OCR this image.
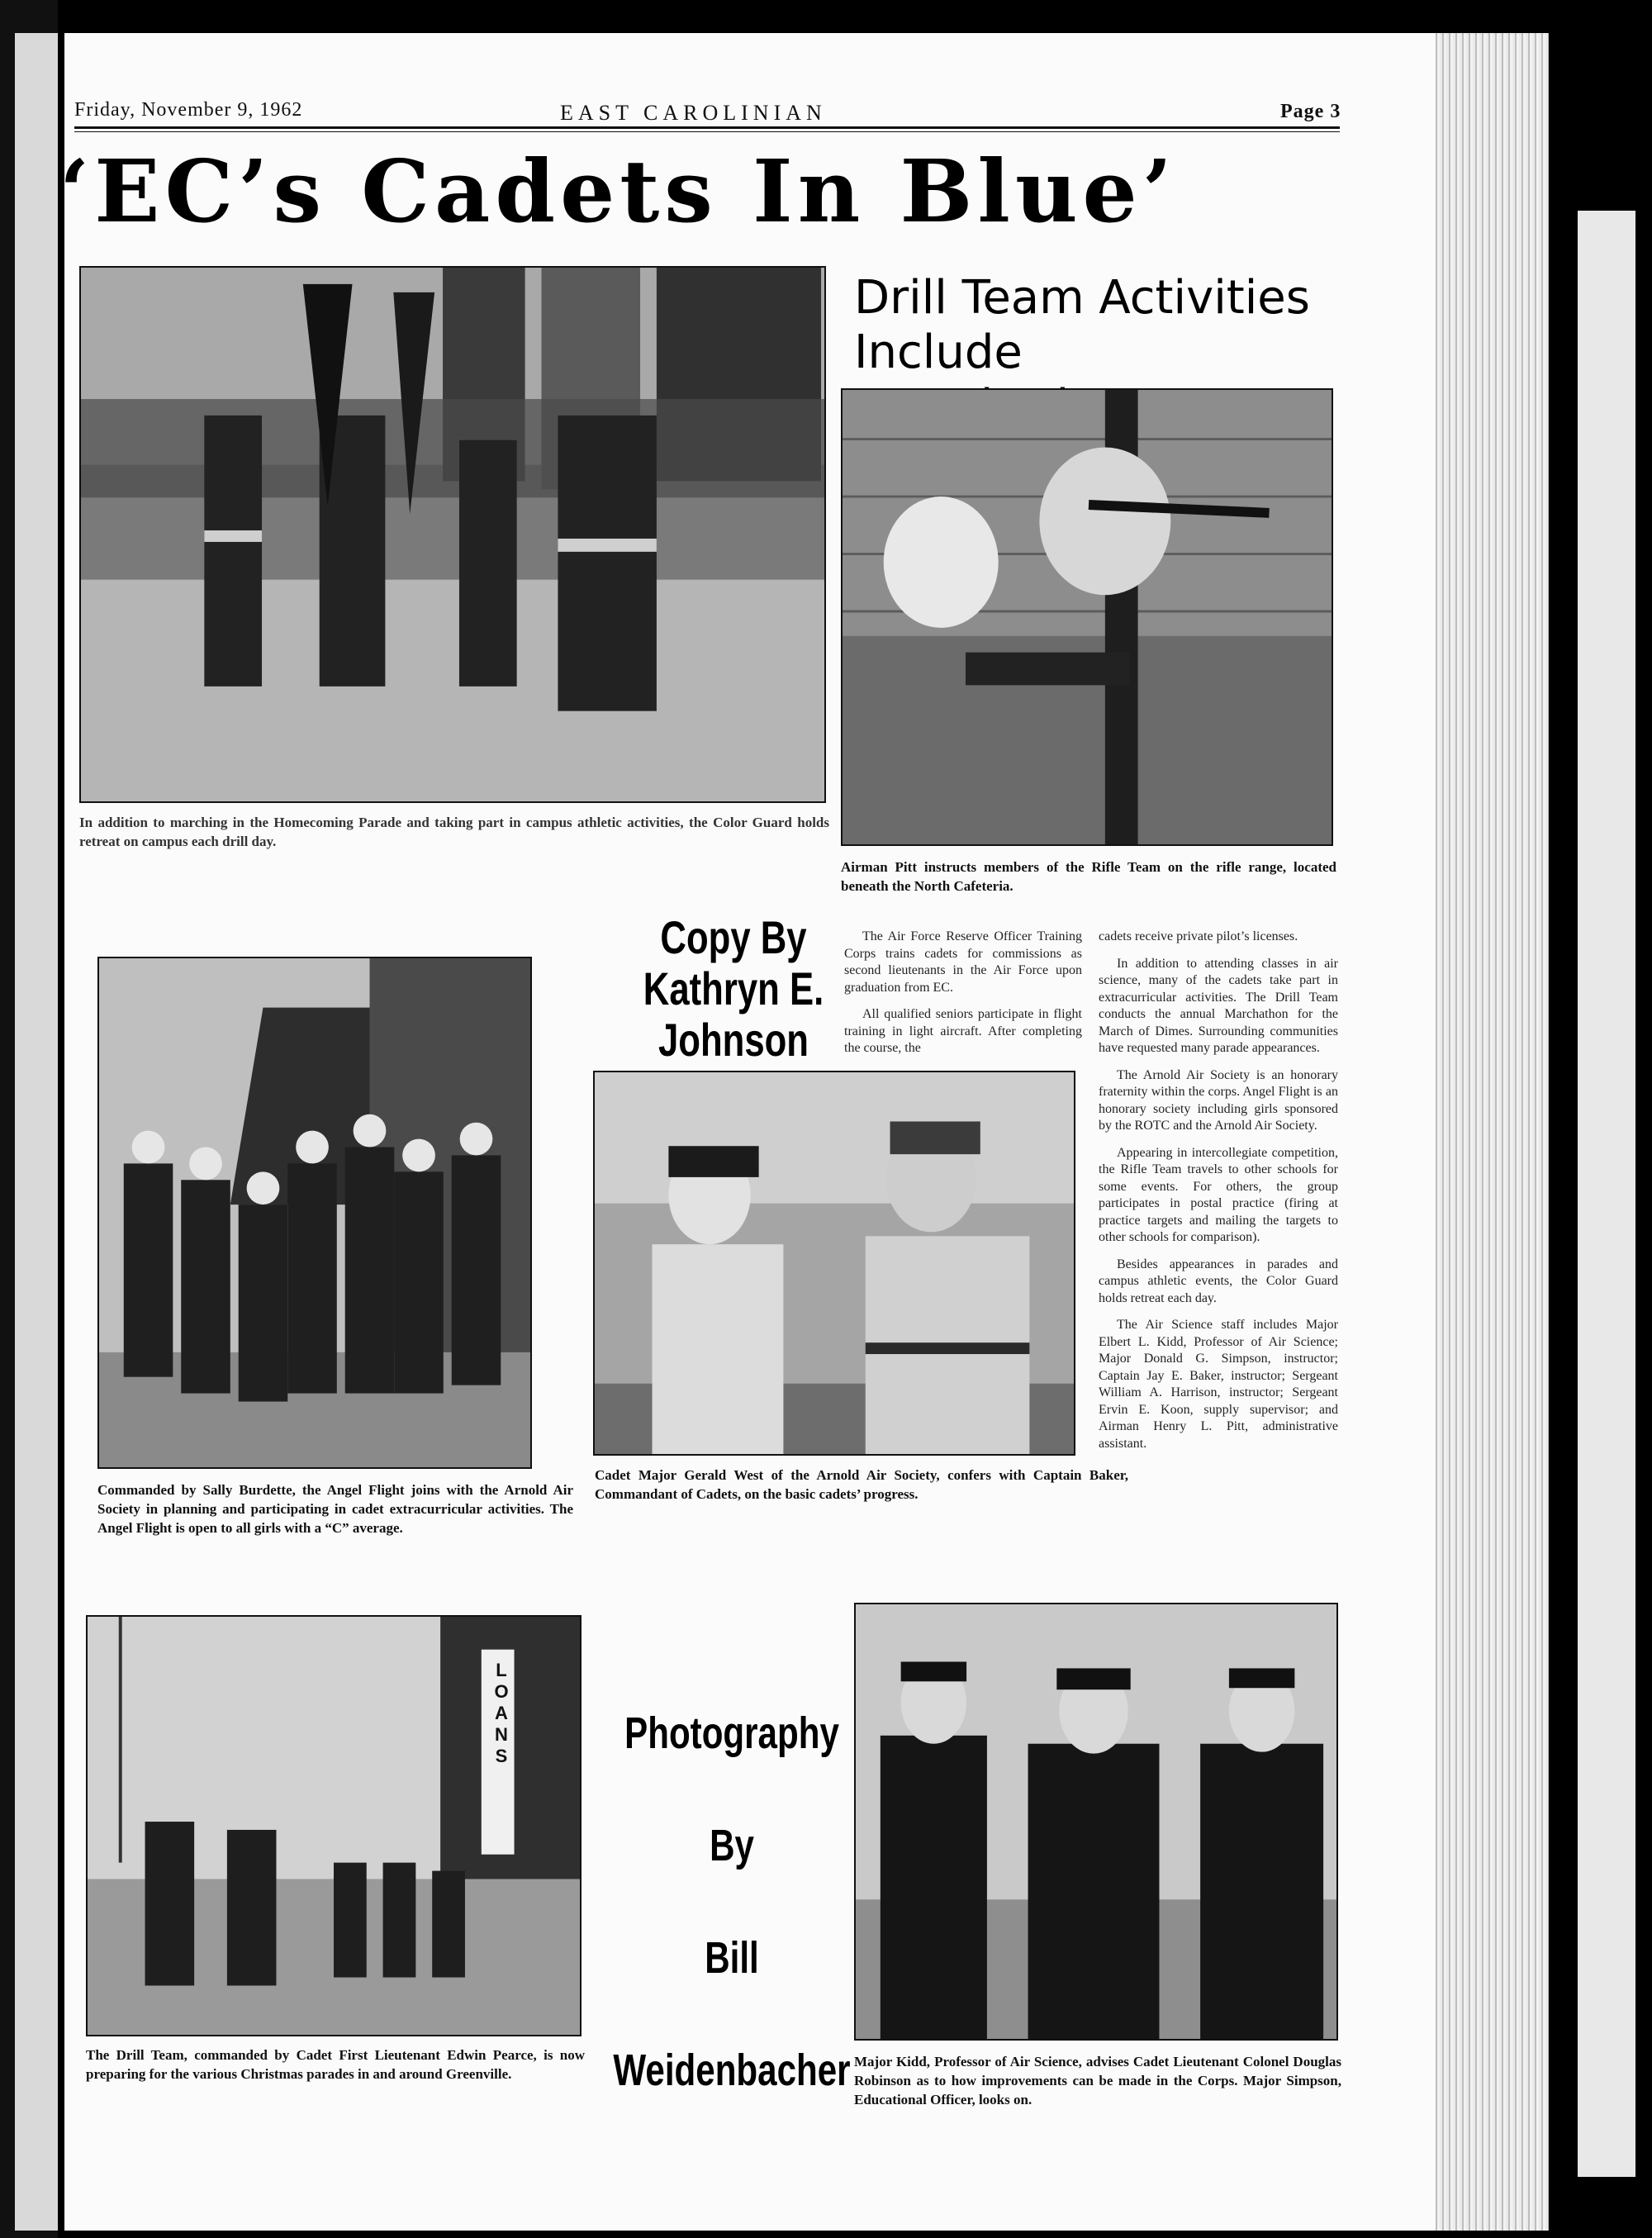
Friday, November 9, 1962	EAST CAROLINIAN	Page 3
‘EC’s Cadets In Blue’
In addition to marching in the Homecoming Parade and taking part in campus athletic activities, the Color Guard holds retreat on campus each drill day.
Drill Team Activities
Include
Airman Pitt instructs members of the Rifle Team on the rifle range, located beneath the North Cafeteria.
Copy By
Kathryn E.
Johnson

The Air Force Reserve Officer Training Corps trains cadets for commissions as second lieutenants in the Air Force upon graduation from EC.

All qualified seniors participate in flight training in light aircraft. After completing the course, the

cadets receive private pilot’s licenses.

In addition to attending classes in air science, many of the cadets take part in extracurricular activities. The Drill Team conducts the annual Marchathon for the March of Dimes. Surrounding communities have requested many parade appearances.

The Arnold Air Society is an honorary fraternity within the corps. Angel Flight is an honorary society including girls sponsored by the ROTC and the Arnold Air Society.

Appearing in intercollegiate competition, the Rifle Team travels to other schools for some events. For others, the group participates in postal practice (firing at practice targets and mailing the targets to other schools for comparison).

Besides appearances in parades and campus athletic events, the Color Guard holds retreat each day.

The Air Science staff includes Major Elbert L. Kidd, Professor of Air Science; Major Donald G. Simpson, instructor; Captain Jay E. Baker, instructor; Sergeant William A. Harrison, instructor; Sergeant Ervin E. Koon, supply supervisor; and Airman Henry L. Pitt, administrative assistant.

Commanded by Sally Burdette, the Angel Flight joins with the Arnold Air Society in planning and participating in cadet extracurricular activities. The Angel Flight is open to all girls with a “C” average.
Cadet Major Gerald West of the Arnold Air Society, confers with Captain Baker, Commandant of Cadets, on the basic cadets’ progress.
LOANS
The Drill Team, commanded by Cadet First Lieutenant Edwin Pearce, is now preparing for the various Christmas parades in and around Greenville.
Photography
By
Bill Weidenbacher Major Kidd, Professor of Air Science, advises Cadet Lieutenant Colonel Douglas Robinson as to how improvements can be made in the Corps. Major Simpson, Educational Officer, looks on.
